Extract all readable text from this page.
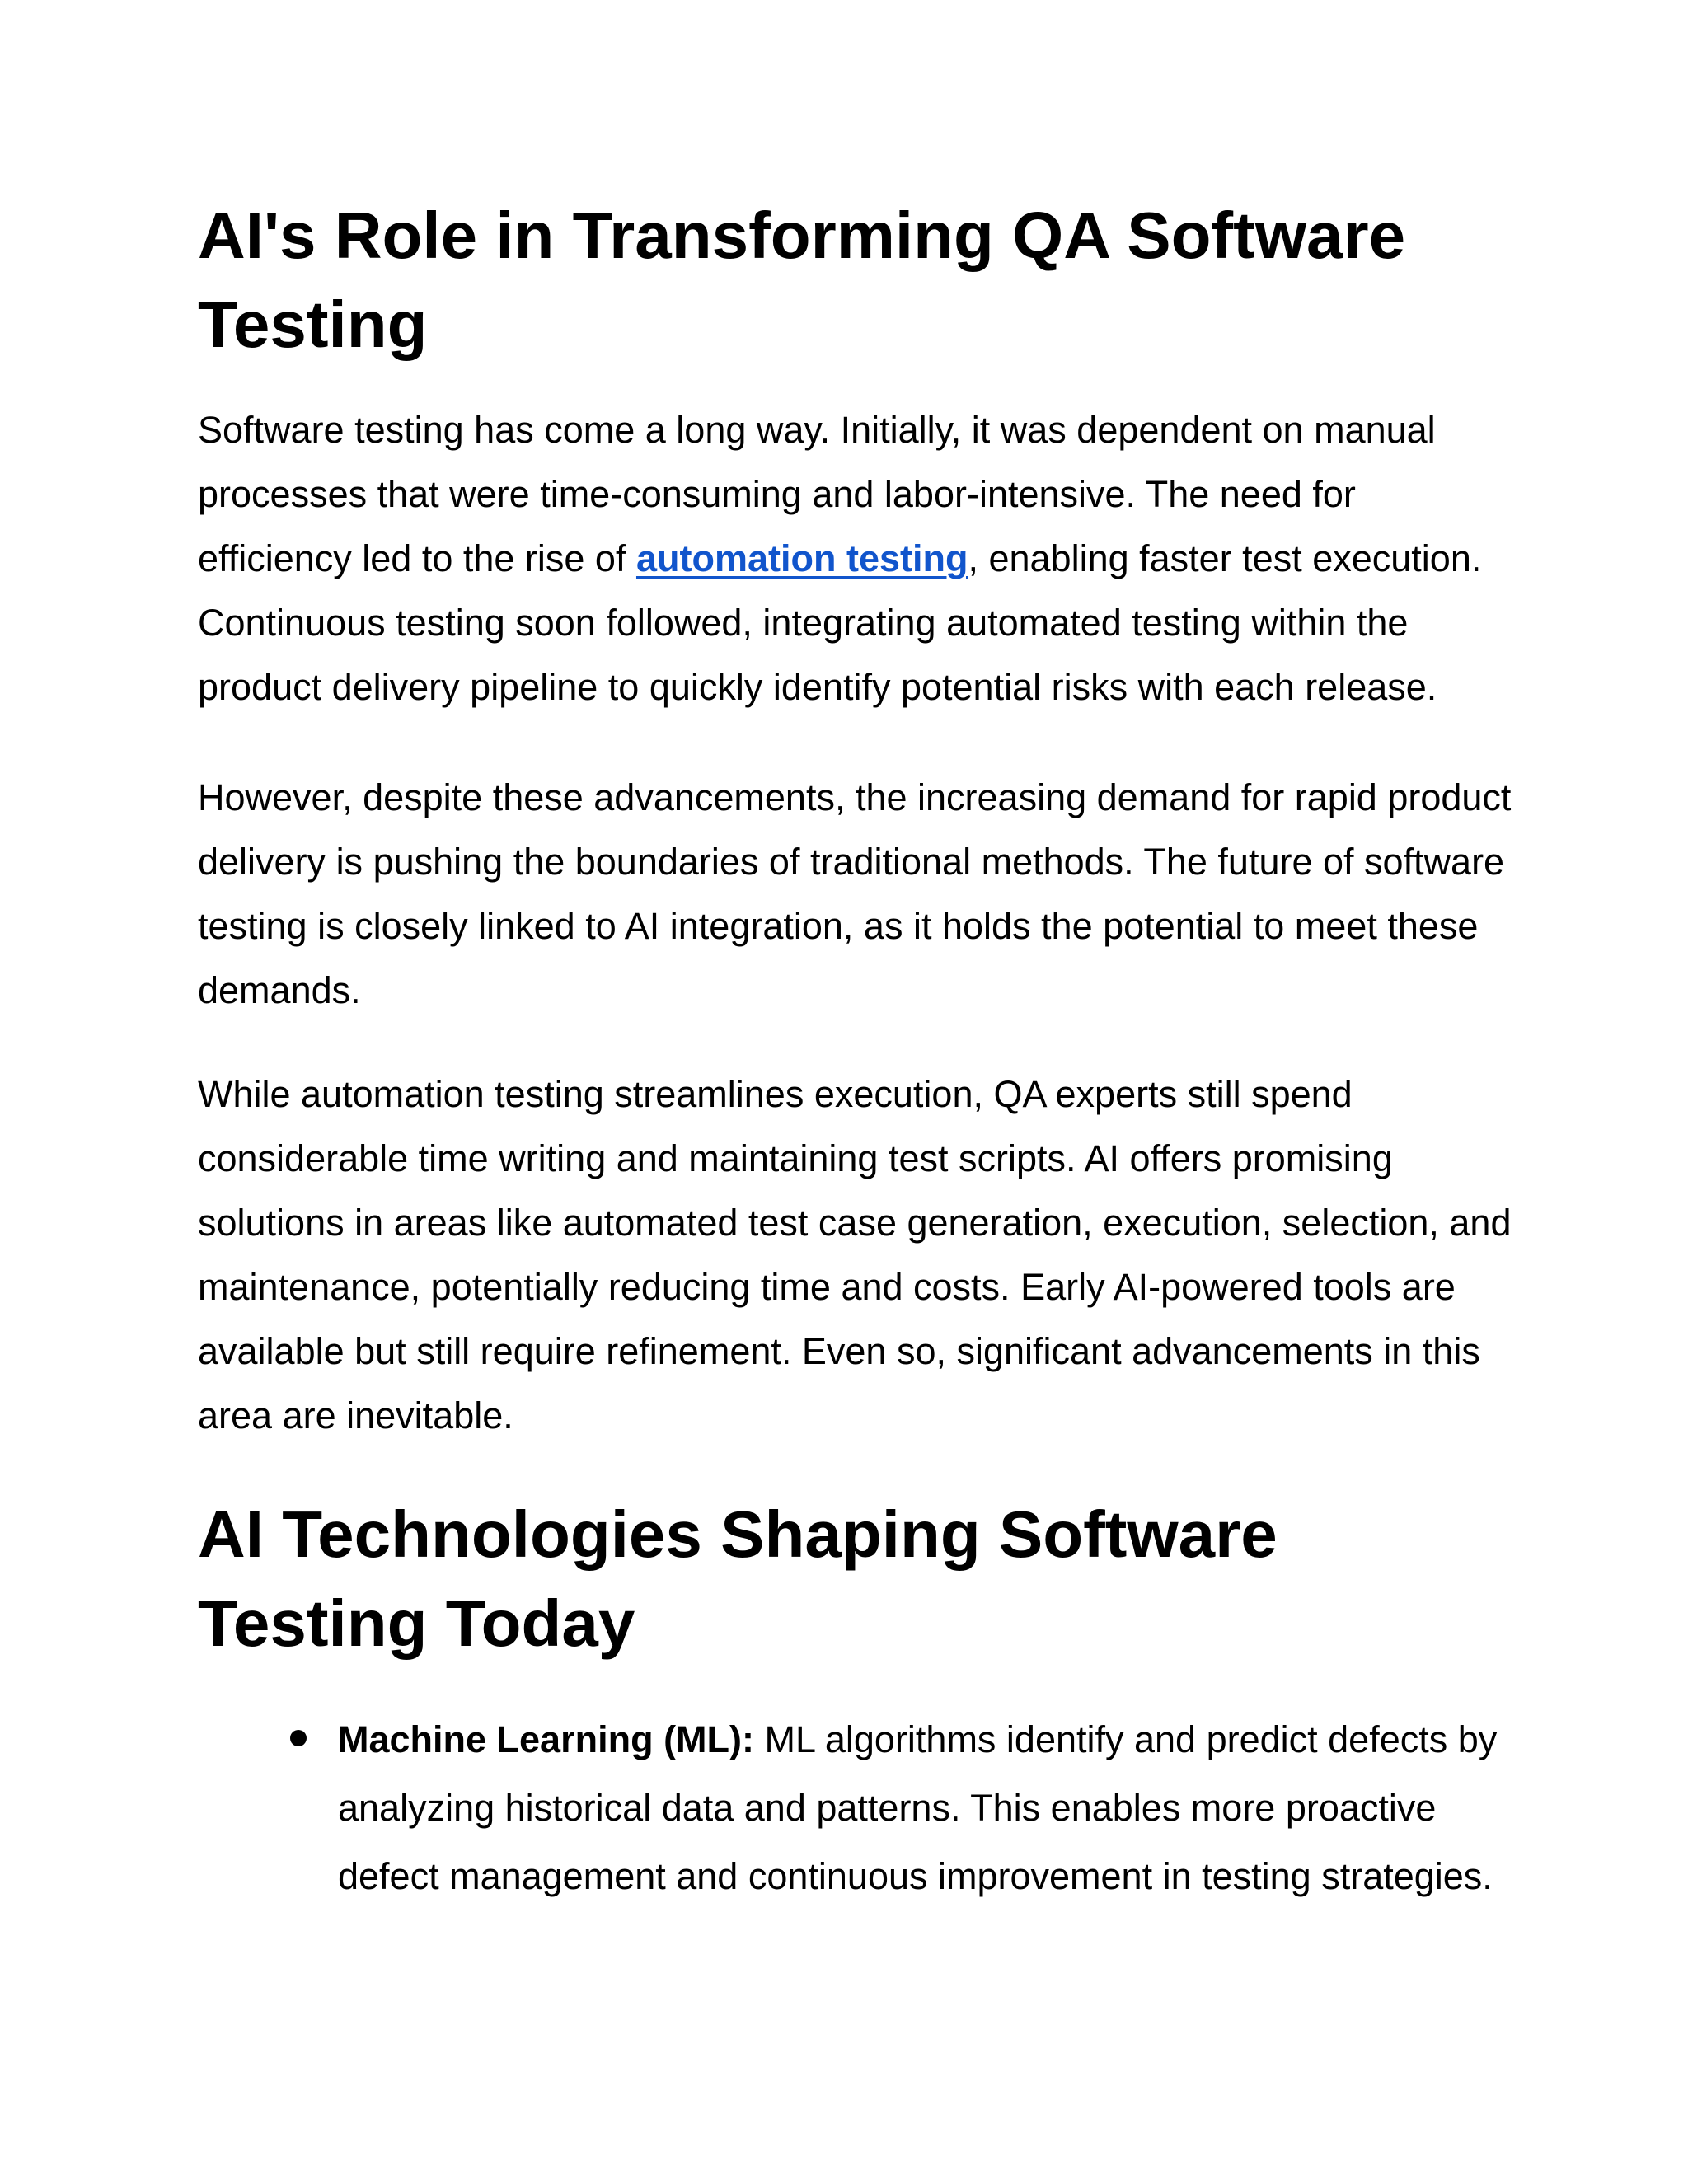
AI's Role in Transforming QA Software Testing

Software testing has come a long way. Initially, it was dependent on manual processes that were time-consuming and labor-intensive. The need for efficiency led to the rise of automation testing, enabling faster test execution. Continuous testing soon followed, integrating automated testing within the product delivery pipeline to quickly identify potential risks with each release.

However, despite these advancements, the increasing demand for rapid product delivery is pushing the boundaries of traditional methods. The future of software testing is closely linked to AI integration, as it holds the potential to meet these demands.

While automation testing streamlines execution, QA experts still spend considerable time writing and maintaining test scripts. AI offers promising solutions in areas like automated test case generation, execution, selection, and maintenance, potentially reducing time and costs. Early AI-powered tools are available but still require refinement. Even so, significant advancements in this area are inevitable.

AI Technologies Shaping Software Testing Today
Machine Learning (ML): ML algorithms identify and predict defects by analyzing historical data and patterns. This enables more proactive defect management and continuous improvement in testing strategies.
